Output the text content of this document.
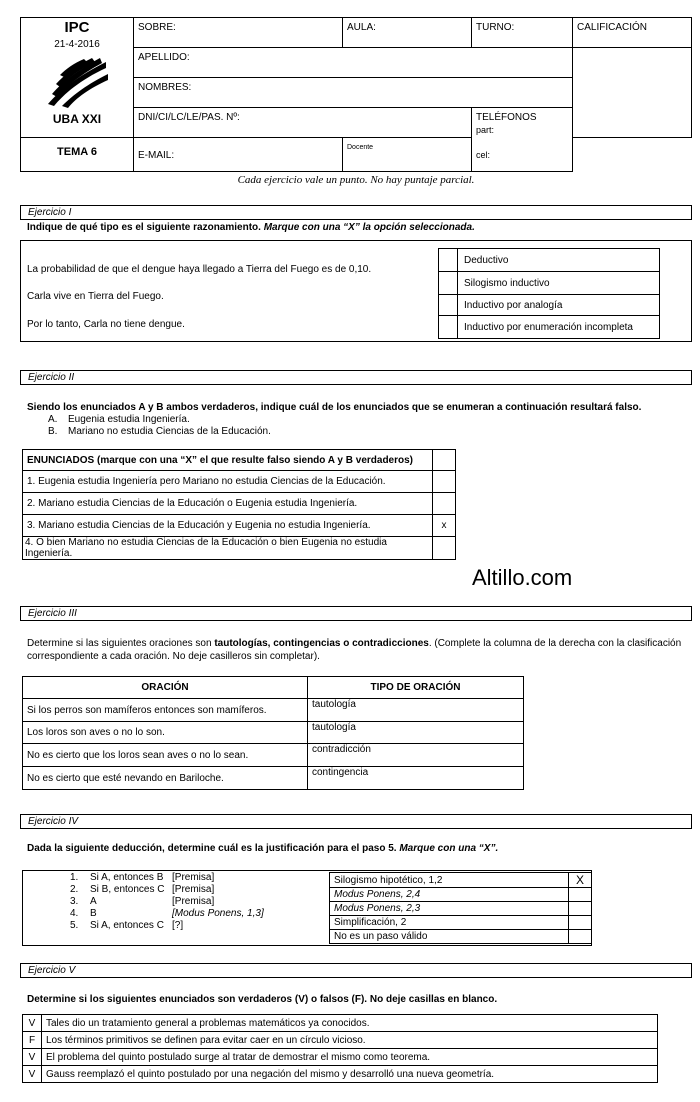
IPC
21-4-2016
UBA XXI	SOBRE:	AULA:	TURNO:	CALIFICACIÓN
	APELLIDO:			
	NOMBRES:			
	DNI/CI/LC/LE/PAS. Nº:		TELÉFONOS
part:
cel:	

TEMA 6	E-MAIL:	Docente		
Cada ejercicio vale un punto. No hay puntaje parcial.
Ejercicio I
Indique de qué tipo es el siguiente razonamiento. Marque con una “X” la opción seleccionada.
La probabilidad de que el dengue haya llegado a Tierra del Fuego es de 0,10.
Carla vive en Tierra del Fuego.
Por lo tanto, Carla no tiene dengue.
	Deductivo
	Silogismo inductivo
	Inductivo por analogía
	Inductivo por enumeración incompleta
Ejercicio II
Siendo los enunciados A y B ambos verdaderos, indique cuál de los enunciados que se enumeran a continuación resultará falso.
A. Eugenia estudia Ingeniería.
B. Mariano no estudia Ciencias de la Educación.
ENUNCIADOS (marque con una “X” el que resulte falso siendo A y B verdaderos)	
1. Eugenia estudia Ingeniería pero Mariano no estudia Ciencias de la Educación.	
2. Mariano estudia Ciencias de la Educación o Eugenia estudia Ingeniería.	
3. Mariano estudia Ciencias de la Educación y Eugenia no estudia Ingeniería.	x
4. O bien Mariano no estudia Ciencias de la Educación o bien Eugenia no estudia Ingeniería.	
Altillo.com
Ejercicio III
Determine si las siguientes oraciones son tautologías, contingencias o contradicciones. (Complete la columna de la derecha con la clasificación
correspondiente a cada oración. No deje casilleros sin completar).
ORACIÓN	TIPO DE ORACIÓN
Si los perros son mamíferos entonces son mamíferos.	tautología
Los loros son aves o no lo son.	tautología
No es cierto que los loros sean aves o no lo sean.	contradicción
No es cierto que esté nevando en Bariloche.	contingencia
Ejercicio IV
Dada la siguiente deducción, determine cuál es la justificación para el paso 5. Marque con una “X”.
1. Si A, entonces B [Premisa]
2. Si B, entonces C [Premisa]
3. A	[Premisa]
4. B	[Modus Ponens, 1,3]
5. Si A, entonces C [?]
Silogismo hipotético, 1,2	X
Modus Ponens, 2,4	
Modus Ponens, 2,3	
Simplificación, 2	
No es un paso válido	
Ejercicio V
Determine si los siguientes enunciados son verdaderos (V) o falsos (F). No deje casillas en blanco.
V	Tales dio un tratamiento general a problemas matemáticos ya conocidos.
F	Los términos primitivos se definen para evitar caer en un círculo vicioso.
V	El problema del quinto postulado surge al tratar de demostrar el mismo como teorema.
V	Gauss reemplazó el quinto postulado por una negación del mismo y desarrolló una nueva geometría.
